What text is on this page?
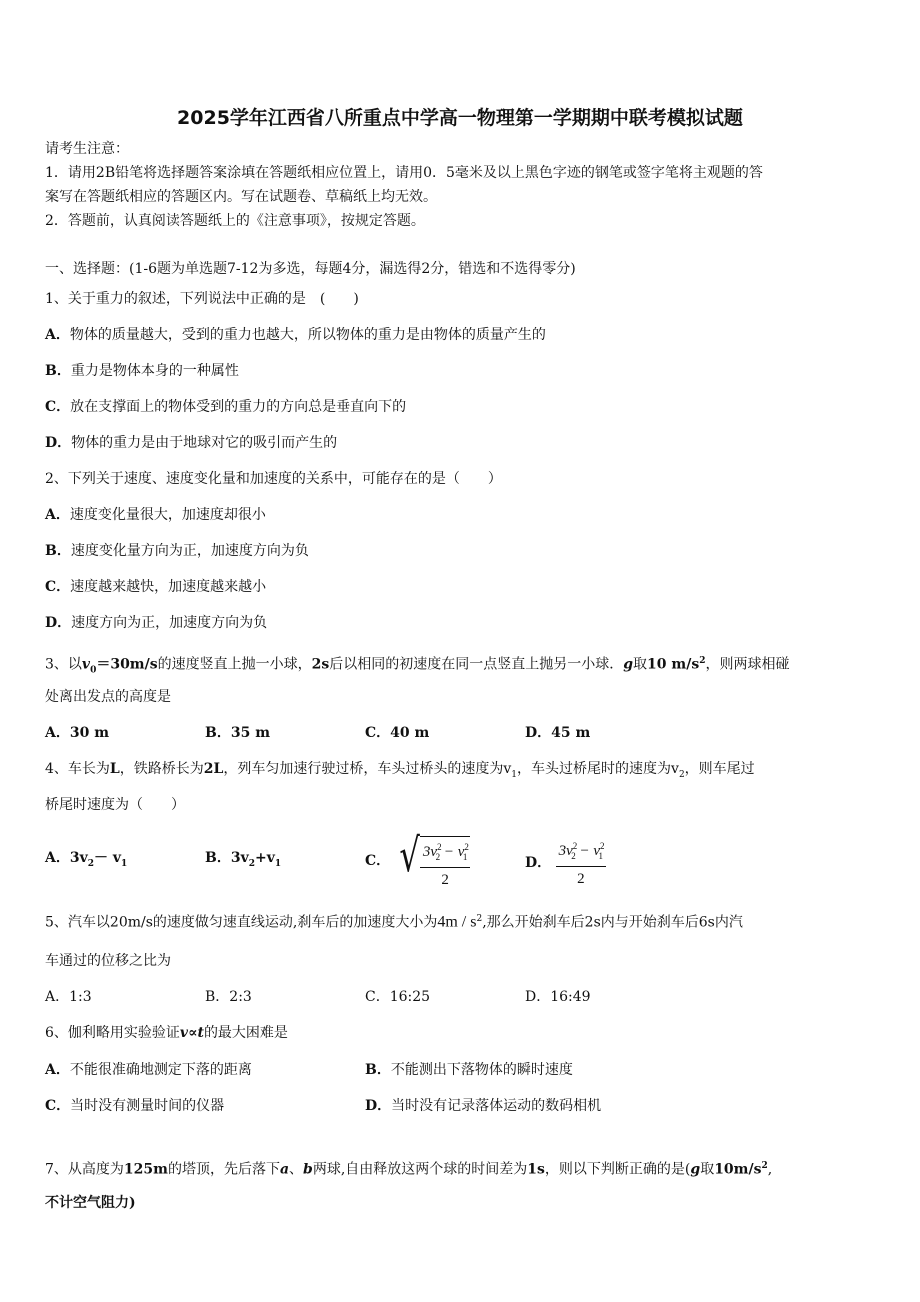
2025学年江西省八所重点中学高一物理第一学期期中联考模拟试题
请考生注意：
1．请用2B铅笔将选择题答案涂填在答题纸相应位置上，请用0．5毫米及以上黑色字迹的钢笔或签字笔将主观题的答
案写在答题纸相应的答题区内。写在试题卷、草稿纸上均无效。
2．答题前，认真阅读答题纸上的《注意事项》，按规定答题。
一、选择题：(1-6题为单选题7-12为多选，每题4分，漏选得2分，错选和不选得零分)
1、关于重力的叙述，下列说法中正确的是　(　　)
A．物体的质量越大，受到的重力也越大，所以物体的重力是由物体的质量产生的
B．重力是物体本身的一种属性
C．放在支撑面上的物体受到的重力的方向总是垂直向下的
D．物体的重力是由于地球对它的吸引而产生的
2、下列关于速度、速度变化量和加速度的关系中，可能存在的是（　　）
A．速度变化量很大，加速度却很小
B．速度变化量方向为正，加速度方向为负
C．速度越来越快，加速度越来越小
D．速度方向为正，加速度方向为负
3、以$v_0=30m/s$的速度竖直上抛一小球，2s后以相同的初速度在同一点竖直上抛另一小球．g取10 $m/s^2$，则两球相碰
处离出发点的高度是
A．30 m	B．35 m	C．40 m	D．45 m
4、车长为L，铁路桥长为2L，列车匀加速行驶过桥，车头过桥头的速度为$v_1$，车头过桥尾时的速度为$v_2$，则车尾过
桥尾时速度为（　　）
A．$3v_2- v_1$	B．$3v_2+v_1$	C． √ $\frac{3v^2_2 - v^2_1}{2}$	D． $\frac{3v^2_2 - v^2_1}{2}$
5、汽车以20m/s的速度做匀速直线运动,刹车后的加速度大小为$4m / s^2$,那么开始刹车后2s内与开始刹车后6s内汽
车通过的位移之比为
A．1:3	B．2:3	C．16:25	D．16:49
6、伽利略用实验验证v∝t的最大困难是
A．不能很准确地测定下落的距离	B．不能测出下落物体的瞬时速度
C．当时没有测量时间的仪器	D．当时没有记录落体运动的数码相机
7、从高度为125m的塔顶，先后落下a、b两球,自由释放这两个球的时间差为1s，则以下判断正确的是(g取$10m/s^2$,
不计空气阻力)
